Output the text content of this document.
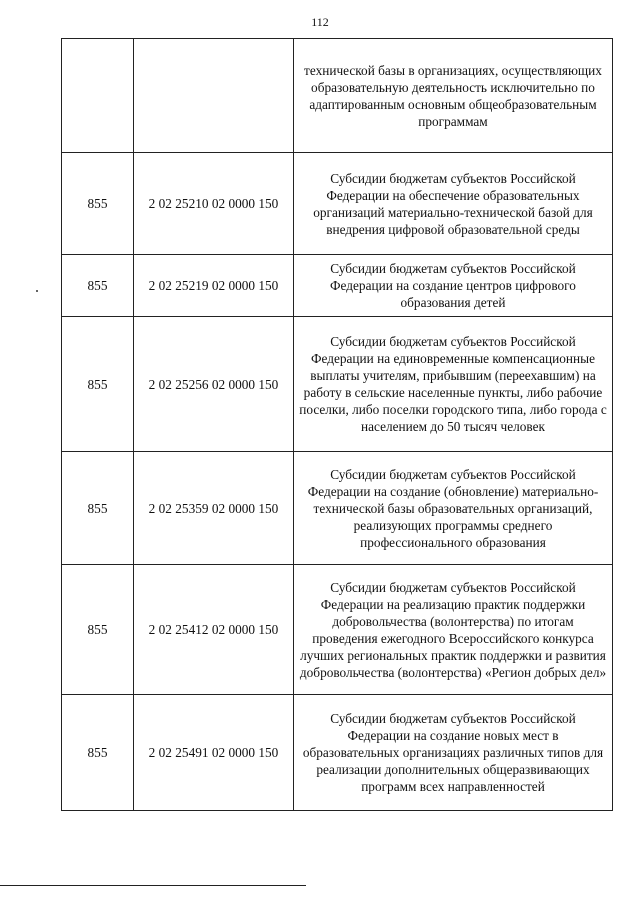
112
		технической базы в организациях, осуществляющих образовательную деятельность исключительно по адаптированным основным общеобразовательным программам
855	2 02 25210 02 0000 150	Субсидии бюджетам субъектов Российской Федерации на обеспечение образовательных организаций материально-технической базой для внедрения цифровой образовательной среды
855	2 02 25219 02 0000 150	Субсидии бюджетам субъектов Российской Федерации на создание центров цифрового образования детей
855	2 02 25256 02 0000 150	Субсидии бюджетам субъектов Российской Федерации на единовременные компенсационные выплаты учителям, прибывшим (переехавшим) на работу в сельские населенные пункты, либо рабочие поселки, либо поселки городского типа, либо города с населением до 50 тысяч человек
855	2 02 25359 02 0000 150	Субсидии бюджетам субъектов Российской Федерации на создание (обновление) материально-технической базы образовательных организаций, реализующих программы среднего профессионального образования
855	2 02 25412 02 0000 150	Субсидии бюджетам субъектов Российской Федерации на реализацию практик поддержки добровольчества (волонтерства) по итогам проведения ежегодного Всероссийского конкурса лучших региональных практик поддержки и развития добровольчества (волонтерства) «Регион добрых дел»
855	2 02 25491 02 0000 150	Субсидии бюджетам субъектов Российской Федерации на создание новых мест в образовательных организациях различных типов для реализации дополнительных общеразвивающих программ всех направленностей
